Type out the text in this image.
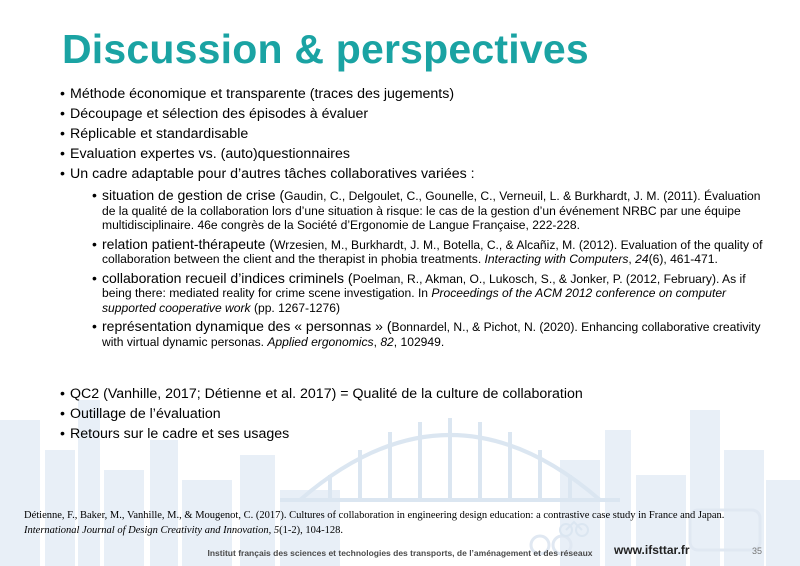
Discussion & perspectives
• Méthode économique et transparente (traces des jugements)
• Découpage et sélection des épisodes à évaluer
• Réplicable et standardisable
• Evaluation expertes vs. (auto)questionnaires
• Un cadre adaptable pour d’autres tâches collaboratives variées :
• situation de gestion de crise (Gaudin, C., Delgoulet, C., Gounelle, C., Verneuil, L. & Burkhardt, J. M. (2011). Évaluation de la qualité de la collaboration lors d’une situation à risque: le cas de la gestion d’un événement NRBC par une équipe multidisciplinaire. 46e congrès de la Société d’Ergonomie de Langue Française, 222-228.
• relation patient-thérapeute (Wrzesien, M., Burkhardt, J. M., Botella, C., & Alcañiz, M. (2012). Evaluation of the quality of collaboration between the client and the therapist in phobia treatments. Interacting with Computers, 24(6), 461-471.
• collaboration recueil d’indices criminels (Poelman, R., Akman, O., Lukosch, S., & Jonker, P. (2012, February). As if being there: mediated reality for crime scene investigation. In Proceedings of the ACM 2012 conference on computer supported cooperative work (pp. 1267-1276)
• représentation dynamique des « personnas » (Bonnardel, N., & Pichot, N. (2020). Enhancing collaborative creativity with virtual dynamic personas. Applied ergonomics, 82, 102949.
• QC2 (Vanhille, 2017; Détienne et al. 2017) = Qualité de la culture de collaboration
• Outillage de l’évaluation
• Retours sur le cadre et ses usages
Détienne, F., Baker, M., Vanhille, M., & Mougenot, C. (2017). Cultures of collaboration in engineering design education: a contrastive case study in France and Japan. International Journal of Design Creativity and Innovation, 5(1-2), 104-128.
www.ifsttar.fr	35
Institut français des sciences et technologies des transports, de l’aménagement et des réseaux
